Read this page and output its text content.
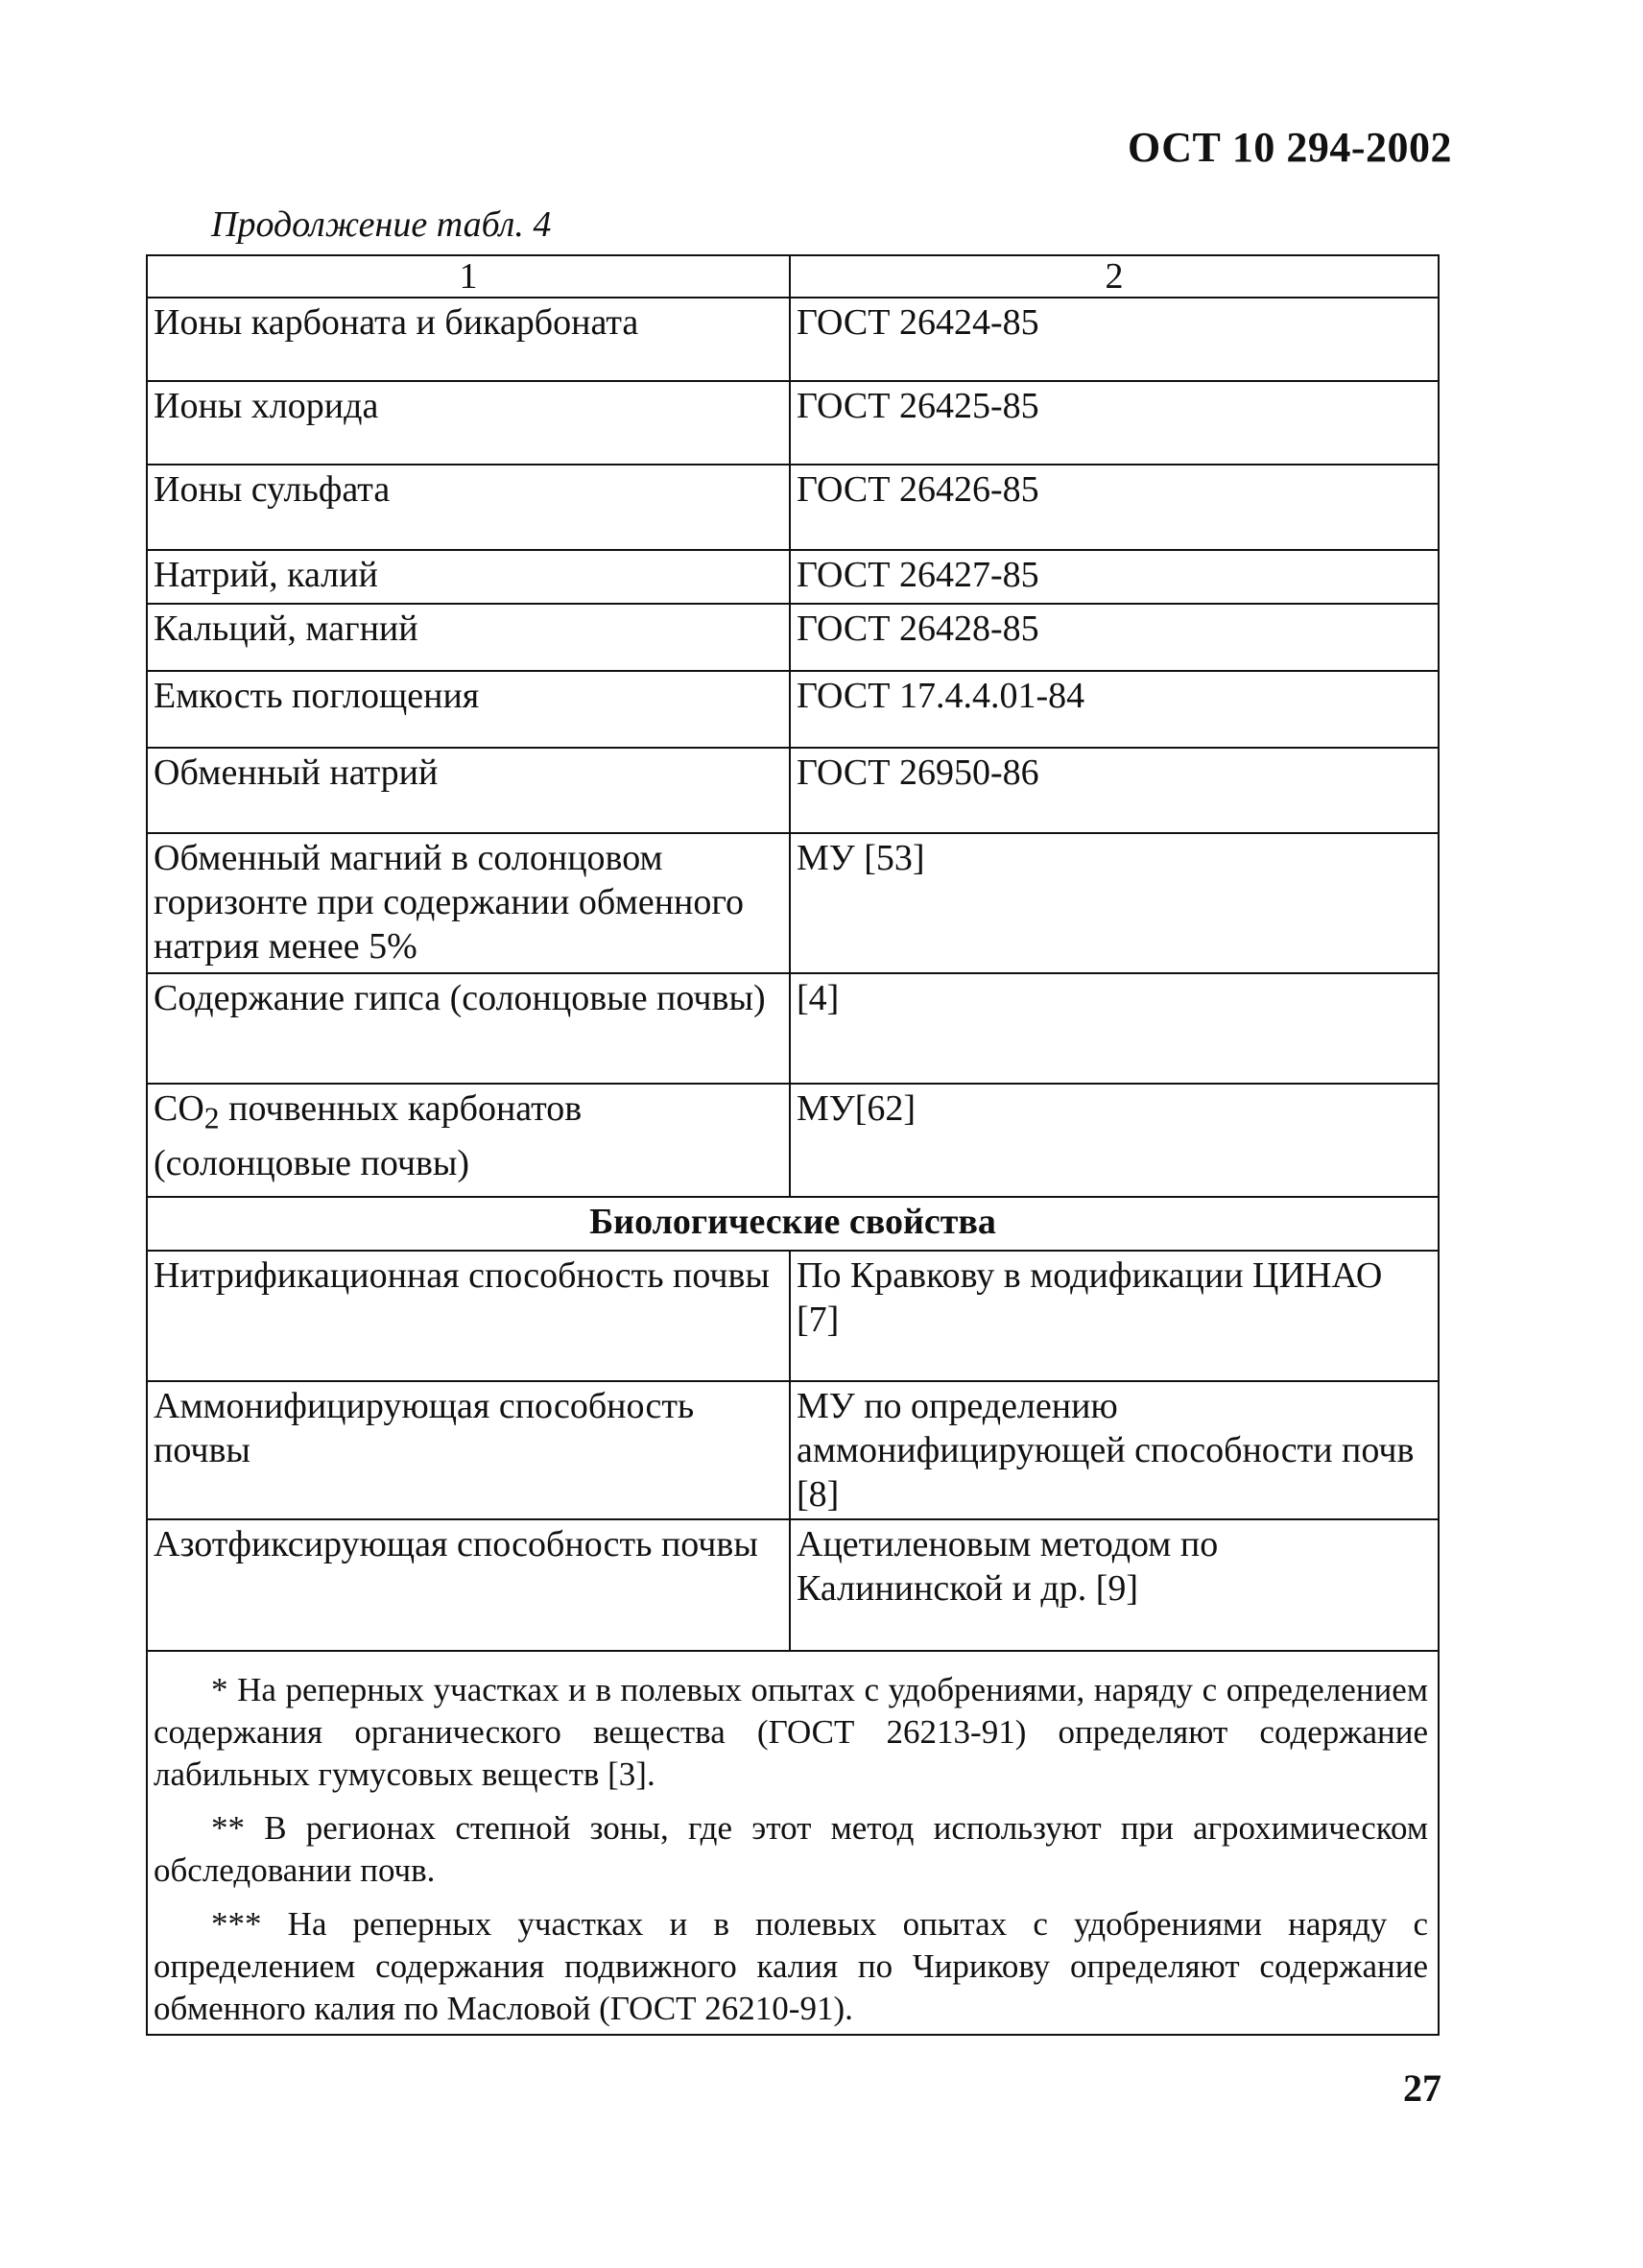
ОСТ 10 294-2002
Продолжение табл. 4
1	2
Ионы карбоната и бикарбоната	ГОСТ 26424-85
Ионы хлорида	ГОСТ 26425-85
Ионы сульфата	ГОСТ 26426-85
Натрий, калий	ГОСТ 26427-85
Кальций, магний	ГОСТ 26428-85
Емкость поглощения	ГОСТ 17.4.4.01-84
Обменный натрий	ГОСТ 26950-86
Обменный магний в солонцовом горизонте при содержании обменного натрия менее 5%	МУ [53]
Содержание гипса (солонцовые почвы)	[4]
$CO_2$ почвенных карбонатов (солонцовые почвы)	МУ[62]
Биологические свойства	
Нитрификационная способность почвы	По Кравкову в модификации ЦИНАО [7]
Аммонифицирующая способность почвы	МУ по определению аммонифицирующей способности почв [8]
Азотфиксирующая способность почвы	Ацетиленовым методом по Калининской и др. [9]

* На реперных участках и в полевых опытах с удобрениями, наряду с определением содержания органического вещества (ГОСТ 26213-91) определяют содержание лабильных гумусовых веществ [3].

** В регионах степной зоны, где этот метод используют при агрохимическом обследовании почв.

*** На реперных участках и в полевых опытах с удобрениями наряду с определением содержания подвижного калия по Чирикову определяют содержание обменного калия по Масловой (ГОСТ 26210-91).	

27
